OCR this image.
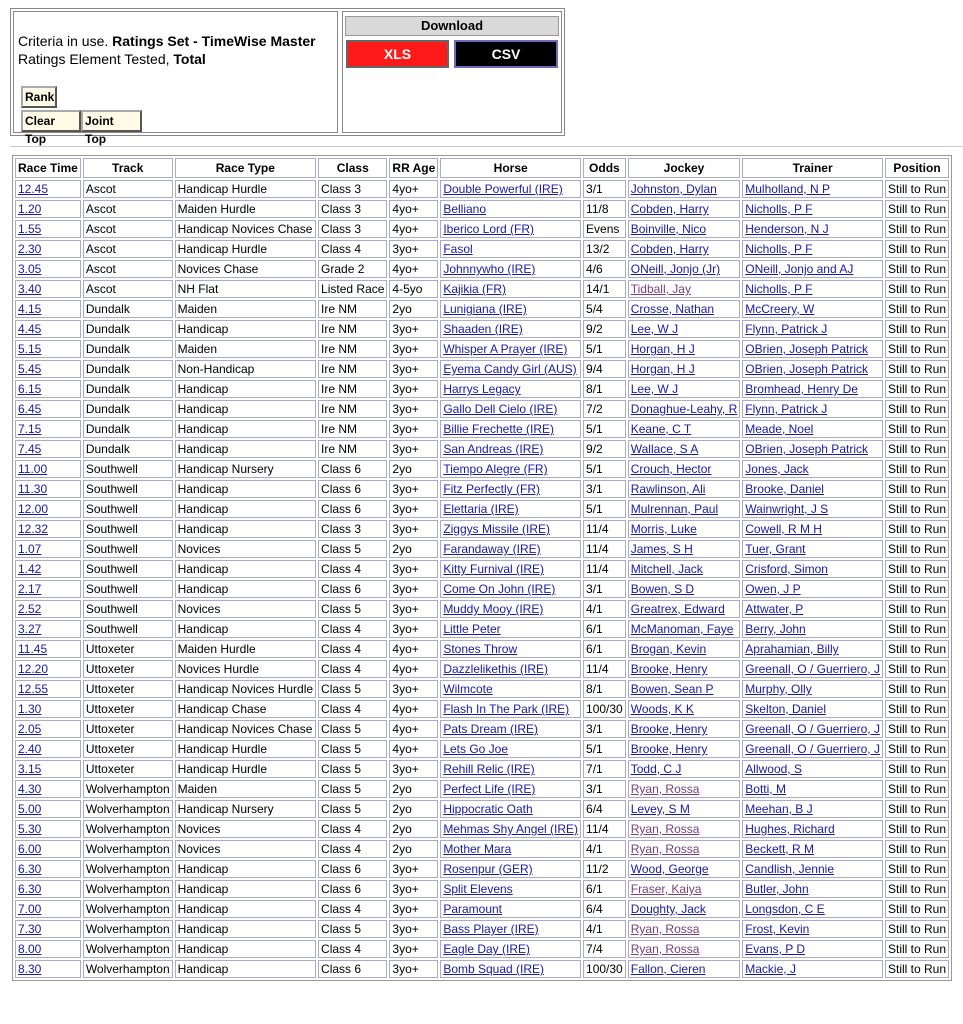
Criteria in use. Ratings Set - TimeWise Master
Ratings Element Tested, Total
Rank
Clear Top
Joint Top
Download
XLS	CSV
Race Time	Track	Race Type	Class	RR Age	Horse	Odds	Jockey	Trainer	Position
12.45	Ascot	Handicap Hurdle	Class 3	4yo+	Double Powerful (IRE)	3/1	Johnston, Dylan	Mulholland, N P	Still to Run
1.20	Ascot	Maiden Hurdle	Class 3	4yo+	Belliano	11/8	Cobden, Harry	Nicholls, P F	Still to Run
1.55	Ascot	Handicap Novices Chase	Class 3	4yo+	Iberico Lord (FR)	Evens	Boinville, Nico	Henderson, N J	Still to Run
2.30	Ascot	Handicap Hurdle	Class 4	3yo+	Fasol	13/2	Cobden, Harry	Nicholls, P F	Still to Run
3.05	Ascot	Novices Chase	Grade 2	4yo+	Johnnywho (IRE)	4/6	ONeill, Jonjo (Jr)	ONeill, Jonjo and AJ	Still to Run
3.40	Ascot	NH Flat	Listed Race	4-5yo	Kajikia (FR)	14/1	Tidball, Jay	Nicholls, P F	Still to Run
4.15	Dundalk	Maiden	Ire NM	2yo	Lunigiana (IRE)	5/4	Crosse, Nathan	McCreery, W	Still to Run
4.45	Dundalk	Handicap	Ire NM	3yo+	Shaaden (IRE)	9/2	Lee, W J	Flynn, Patrick J	Still to Run
5.15	Dundalk	Maiden	Ire NM	3yo+	Whisper A Prayer (IRE)	5/1	Horgan, H J	OBrien, Joseph Patrick	Still to Run
5.45	Dundalk	Non-Handicap	Ire NM	3yo+	Eyema Candy Girl (AUS)	9/4	Horgan, H J	OBrien, Joseph Patrick	Still to Run
6.15	Dundalk	Handicap	Ire NM	3yo+	Harrys Legacy	8/1	Lee, W J	Bromhead, Henry De	Still to Run
6.45	Dundalk	Handicap	Ire NM	3yo+	Gallo Dell Cielo (IRE)	7/2	Donaghue-Leahy, R	Flynn, Patrick J	Still to Run
7.15	Dundalk	Handicap	Ire NM	3yo+	Billie Frechette (IRE)	5/1	Keane, C T	Meade, Noel	Still to Run
7.45	Dundalk	Handicap	Ire NM	3yo+	San Andreas (IRE)	9/2	Wallace, S A	OBrien, Joseph Patrick	Still to Run
11.00	Southwell	Handicap Nursery	Class 6	2yo	Tiempo Alegre (FR)	5/1	Crouch, Hector	Jones, Jack	Still to Run
11.30	Southwell	Handicap	Class 6	3yo+	Fitz Perfectly (FR)	3/1	Rawlinson, Ali	Brooke, Daniel	Still to Run
12.00	Southwell	Handicap	Class 6	3yo+	Elettaria (IRE)	5/1	Mulrennan, Paul	Wainwright, J S	Still to Run
12.32	Southwell	Handicap	Class 3	3yo+	Ziggys Missile (IRE)	11/4	Morris, Luke	Cowell, R M H	Still to Run
1.07	Southwell	Novices	Class 5	2yo	Farandaway (IRE)	11/4	James, S H	Tuer, Grant	Still to Run
1.42	Southwell	Handicap	Class 4	3yo+	Kitty Furnival (IRE)	11/4	Mitchell, Jack	Crisford, Simon	Still to Run
2.17	Southwell	Handicap	Class 6	3yo+	Come On John (IRE)	3/1	Bowen, S D	Owen, J P	Still to Run
2.52	Southwell	Novices	Class 5	3yo+	Muddy Mooy (IRE)	4/1	Greatrex, Edward	Attwater, P	Still to Run
3.27	Southwell	Handicap	Class 4	3yo+	Little Peter	6/1	McManoman, Faye	Berry, John	Still to Run
11.45	Uttoxeter	Maiden Hurdle	Class 4	4yo+	Stones Throw	6/1	Brogan, Kevin	Aprahamian, Billy	Still to Run
12.20	Uttoxeter	Novices Hurdle	Class 4	4yo+	Dazzlelikethis (IRE)	11/4	Brooke, Henry	Greenall, O / Guerriero, J	Still to Run
12.55	Uttoxeter	Handicap Novices Hurdle	Class 5	3yo+	Wilmcote	8/1	Bowen, Sean P	Murphy, Olly	Still to Run
1.30	Uttoxeter	Handicap Chase	Class 4	4yo+	Flash In The Park (IRE)	100/30	Woods, K K	Skelton, Daniel	Still to Run
2.05	Uttoxeter	Handicap Novices Chase	Class 5	4yo+	Pats Dream (IRE)	3/1	Brooke, Henry	Greenall, O / Guerriero, J	Still to Run
2.40	Uttoxeter	Handicap Hurdle	Class 5	4yo+	Lets Go Joe	5/1	Brooke, Henry	Greenall, O / Guerriero, J	Still to Run
3.15	Uttoxeter	Handicap Hurdle	Class 5	3yo+	Rehill Relic (IRE)	7/1	Todd, C J	Allwood, S	Still to Run
4.30	Wolverhampton	Maiden	Class 5	2yo	Perfect Life (IRE)	3/1	Ryan, Rossa	Botti, M	Still to Run
5.00	Wolverhampton	Handicap Nursery	Class 5	2yo	Hippocratic Oath	6/4	Levey, S M	Meehan, B J	Still to Run
5.30	Wolverhampton	Novices	Class 4	2yo	Mehmas Shy Angel (IRE)	11/4	Ryan, Rossa	Hughes, Richard	Still to Run
6.00	Wolverhampton	Novices	Class 4	2yo	Mother Mara	4/1	Ryan, Rossa	Beckett, R M	Still to Run
6.30	Wolverhampton	Handicap	Class 6	3yo+	Rosenpur (GER)	11/2	Wood, George	Candlish, Jennie	Still to Run
6.30	Wolverhampton	Handicap	Class 6	3yo+	Split Elevens	6/1	Fraser, Kaiya	Butler, John	Still to Run
7.00	Wolverhampton	Handicap	Class 4	3yo+	Paramount	6/4	Doughty, Jack	Longsdon, C E	Still to Run
7.30	Wolverhampton	Handicap	Class 5	3yo+	Bass Player (IRE)	4/1	Ryan, Rossa	Frost, Kevin	Still to Run
8.00	Wolverhampton	Handicap	Class 4	3yo+	Eagle Day (IRE)	7/4	Ryan, Rossa	Evans, P D	Still to Run
8.30	Wolverhampton	Handicap	Class 6	3yo+	Bomb Squad (IRE)	100/30	Fallon, Cieren	Mackie, J	Still to Run
